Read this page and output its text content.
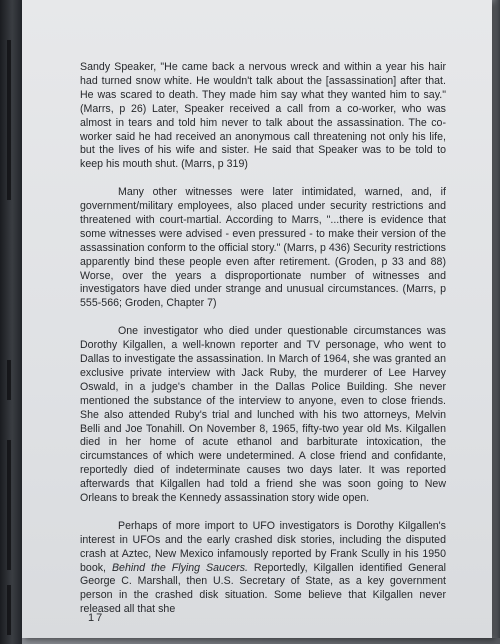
Sandy Speaker, "He came back a nervous wreck and within a year his hair had turned snow white. He wouldn't talk about the [assassination] after that. He was scared to death. They made him say what they wanted him to say." (Marrs, p 26) Later, Speaker received a call from a co-worker, who was almost in tears and told him never to talk about the assassination. The co-worker said he had received an anonymous call threatening not only his life, but the lives of his wife and sister. He said that Speaker was to be told to keep his mouth shut. (Marrs, p 319)

Many other witnesses were later intimidated, warned, and, if government/military employees, also placed under security restrictions and threatened with court-martial. According to Marrs, "...there is evidence that some witnesses were advised - even pressured - to make their version of the assassination conform to the official story." (Marrs, p 436) Security restrictions apparently bind these people even after retirement. (Groden, p 33 and 88) Worse, over the years a disproportionate number of witnesses and investigators have died under strange and unusual circumstances. (Marrs, p 555-566; Groden, Chapter 7)

One investigator who died under questionable circumstances was Dorothy Kilgallen, a well-known reporter and TV personage, who went to Dallas to investigate the assassination. In March of 1964, she was granted an exclusive private interview with Jack Ruby, the murderer of Lee Harvey Oswald, in a judge's chamber in the Dallas Police Building. She never mentioned the substance of the interview to anyone, even to close friends. She also attended Ruby's trial and lunched with his two attorneys, Melvin Belli and Joe Tonahill. On November 8, 1965, fifty-two year old Ms. Kilgallen died in her home of acute ethanol and barbiturate intoxication, the circumstances of which were undetermined. A close friend and confidante, reportedly died of indeterminate causes two days later. It was reported afterwards that Kilgallen had told a friend she was soon going to New Orleans to break the Kennedy assassination story wide open.

Perhaps of more import to UFO investigators is Dorothy Kilgallen's interest in UFOs and the early crashed disk stories, including the disputed crash at Aztec, New Mexico infamously reported by Frank Scully in his 1950 book, Behind the Flying Saucers. Reportedly, Kilgallen identified General George C. Marshall, then U.S. Secretary of State, as a key government person in the crashed disk situation. Some believe that Kilgallen never released all that she

17
